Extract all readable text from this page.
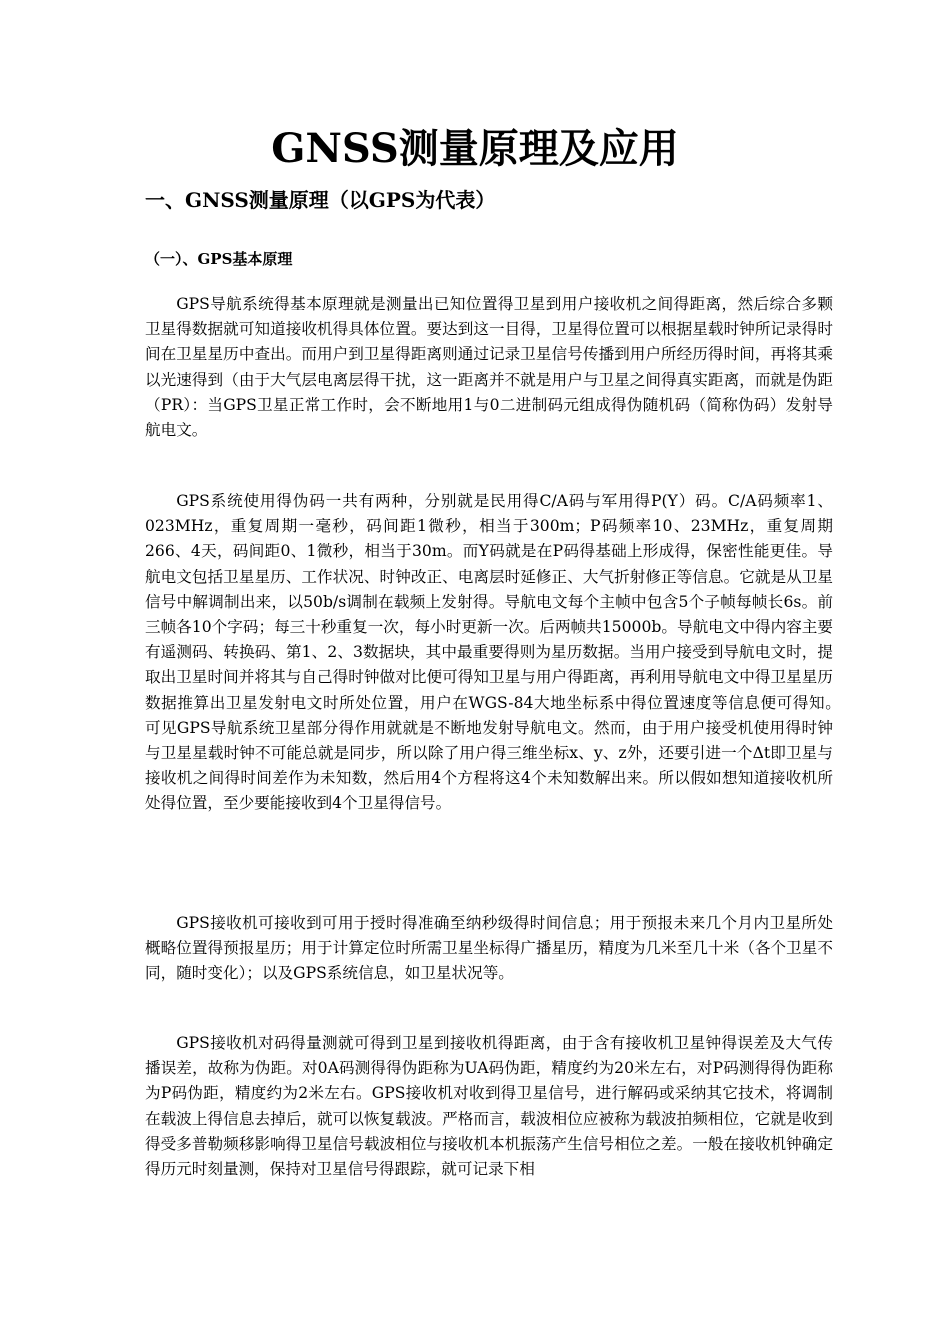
GNSS测量原理及应用
一、GNSS测量原理（以GPS为代表）
（一）、GPS基本原理

GPS导航系统得基本原理就是测量出已知位置得卫星到用户接收机之间得距离，然后综合多颗卫星得数据就可知道接收机得具体位置。要达到这一目得，卫星得位置可以根据星载时钟所记录得时间在卫星星历中查出。而用户到卫星得距离则通过记录卫星信号传播到用户所经历得时间，再将其乘以光速得到（由于大气层电离层得干扰，这一距离并不就是用户与卫星之间得真实距离，而就是伪距（PR）：当GPS卫星正常工作时，会不断地用1与0二进制码元组成得伪随机码（简称伪码）发射导航电文。

GPS系统使用得伪码一共有两种，分别就是民用得C/A码与军用得P(Y）码。C/A码频率1、023MHz，重复周期一毫秒，码间距1微秒，相当于300m；P码频率10、23MHz，重复周期266、4天，码间距0、1微秒，相当于30m。而Y码就是在P码得基础上形成得，保密性能更佳。导航电文包括卫星星历、工作状况、时钟改正、电离层时延修正、大气折射修正等信息。它就是从卫星信号中解调制出来，以50b/s调制在载频上发射得。导航电文每个主帧中包含5个子帧每帧长6s。前三帧各10个字码；每三十秒重复一次，每小时更新一次。后两帧共15000b。导航电文中得内容主要有遥测码、转换码、第1、2、3数据块，其中最重要得则为星历数据。当用户接受到导航电文时，提取出卫星时间并将其与自己得时钟做对比便可得知卫星与用户得距离，再利用导航电文中得卫星星历数据推算出卫星发射电文时所处位置，用户在WGS-84大地坐标系中得位置速度等信息便可得知。　　　可见GPS导航系统卫星部分得作用就就是不断地发射导航电文。然而，由于用户接受机使用得时钟与卫星星载时钟不可能总就是同步，所以除了用户得三维坐标x、y、z外，还要引进一个Δt即卫星与接收机之间得时间差作为未知数，然后用4个方程将这4个未知数解出来。所以假如想知道接收机所处得位置，至少要能接收到4个卫星得信号。

GPS接收机可接收到可用于授时得准确至纳秒级得时间信息；用于预报未来几个月内卫星所处概略位置得预报星历；用于计算定位时所需卫星坐标得广播星历，精度为几米至几十米（各个卫星不同，随时变化）；以及GPS系统信息，如卫星状况等。

GPS接收机对码得量测就可得到卫星到接收机得距离，由于含有接收机卫星钟得误差及大气传播误差，故称为伪距。对0A码测得得伪距称为UA码伪距，精度约为20米左右，对P码测得得伪距称为P码伪距，精度约为2米左右。GPS接收机对收到得卫星信号，进行解码或采纳其它技术，将调制在载波上得信息去掉后，就可以恢复载波。严格而言，载波相位应被称为载波拍频相位，它就是收到得受多普勒频移影响得卫星信号载波相位与接收机本机振荡产生信号相位之差。一般在接收机钟确定得历元时刻量测，保持对卫星信号得跟踪，就可记录下相
